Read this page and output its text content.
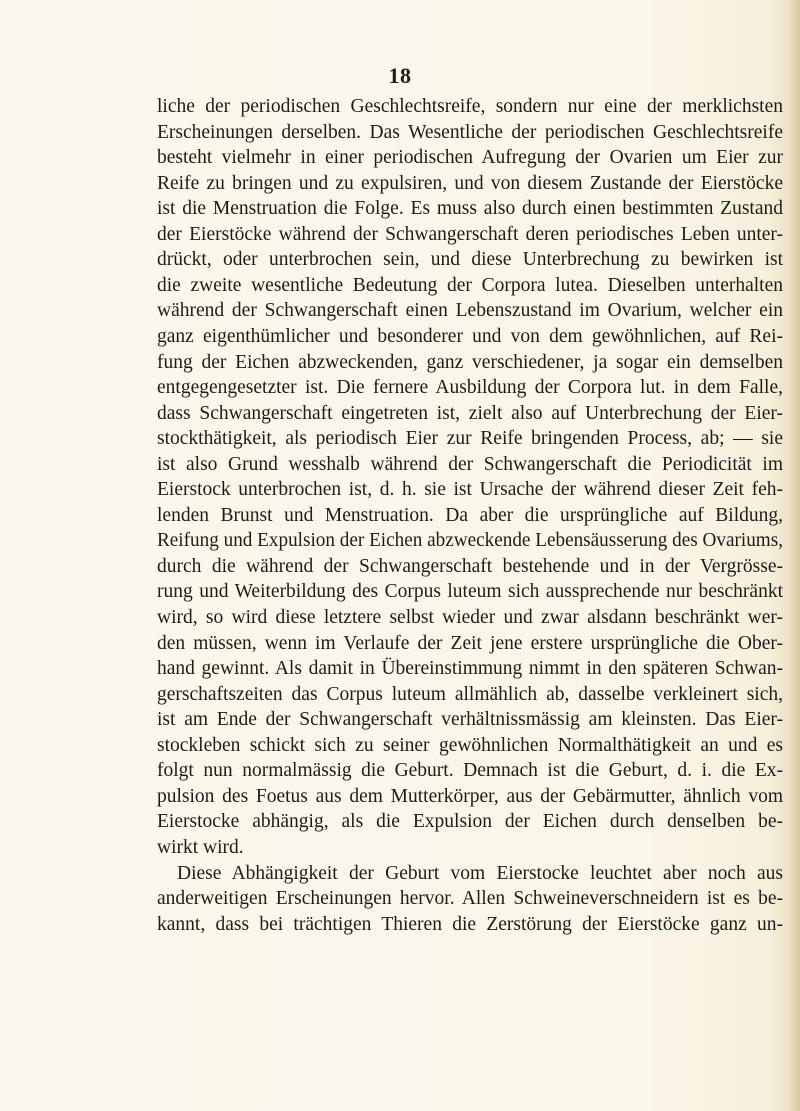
18
liche der periodischen Geschlechtsreife, sondern nur eine der merklichsten
Erscheinungen derselben. Das Wesentliche der periodischen Geschlechtsreife
besteht vielmehr in einer periodischen Aufregung der Ovarien um Eier zur
Reife zu bringen und zu expulsiren, und von diesem Zustande der Eierstöcke
ist die Menstruation die Folge. Es muss also durch einen bestimmten Zustand
der Eierstöcke während der Schwangerschaft deren periodisches Leben unter-
drückt, oder unterbrochen sein, und diese Unterbrechung zu bewirken ist
die zweite wesentliche Bedeutung der Corpora lutea. Dieselben unterhalten
während der Schwangerschaft einen Lebenszustand im Ovarium, welcher ein
ganz eigenthümlicher und besonderer und von dem gewöhnlichen, auf Rei-
fung der Eichen abzweckenden, ganz verschiedener, ja sogar ein demselben
entgegengesetzter ist. Die fernere Ausbildung der Corpora lut. in dem Falle,
dass Schwangerschaft eingetreten ist, zielt also auf Unterbrechung der Eier-
stockthätigkeit, als periodisch Eier zur Reife bringenden Process, ab; — sie
ist also Grund wesshalb während der Schwangerschaft die Periodicität im
Eierstock unterbrochen ist, d. h. sie ist Ursache der während dieser Zeit feh-
lenden Brunst und Menstruation. Da aber die ursprüngliche auf Bildung,
Reifung und Expulsion der Eichen abzweckende Lebensäusserung des Ovariums,
durch die während der Schwangerschaft bestehende und in der Vergrösse-
rung und Weiterbildung des Corpus luteum sich aussprechende nur beschränkt
wird, so wird diese letztere selbst wieder und zwar alsdann beschränkt wer-
den müssen, wenn im Verlaufe der Zeit jene erstere ursprüngliche die Ober-
hand gewinnt. Als damit in Übereinstimmung nimmt in den späteren Schwan-
gerschaftszeiten das Corpus luteum allmählich ab, dasselbe verkleinert sich,
ist am Ende der Schwangerschaft verhältnissmässig am kleinsten. Das Eier-
stockleben schickt sich zu seiner gewöhnlichen Normalthätigkeit an und es
folgt nun normalmässig die Geburt. Demnach ist die Geburt, d. i. die Ex-
pulsion des Foetus aus dem Mutterkörper, aus der Gebärmutter, ähnlich vom
Eierstocke abhängig, als die Expulsion der Eichen durch denselben be-
wirkt wird.
Diese Abhängigkeit der Geburt vom Eierstocke leuchtet aber noch aus
anderweitigen Erscheinungen hervor. Allen Schweineverschneidern ist es be-
kannt, dass bei trächtigen Thieren die Zerstörung der Eierstöcke ganz un-
